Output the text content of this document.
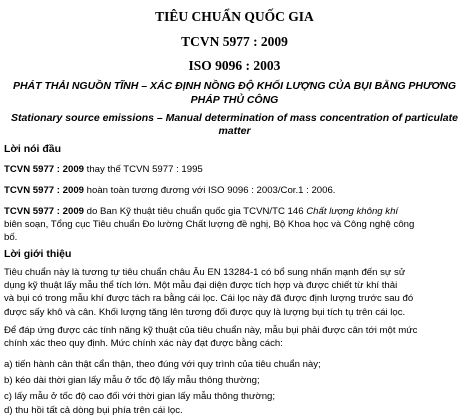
TIÊU CHUẨN QUỐC GIA
TCVN 5977 : 2009
ISO 9096 : 2003
PHÁT THẢI NGUỒN TĨNH – XÁC ĐỊNH NỒNG ĐỘ KHỐI LƯỢNG CỦA BỤI BẰNG PHƯƠNG
PHÁP THỦ CÔNG
Stationary source emissions – Manual determination of mass concentration of particulate
matter
Lời nói đầu
TCVN 5977 : 2009 thay thế TCVN 5977 : 1995
TCVN 5977 : 2009 hoàn toàn tương đương với ISO 9096 : 2003/Cor.1 : 2006.
TCVN 5977 : 2009 do Ban Kỹ thuật tiêu chuẩn quốc gia TCVN/TC 146 Chất lượng không khí
biên soạn, Tổng cục Tiêu chuẩn Đo lường Chất lượng đề nghị, Bộ Khoa học và Công nghệ công
bố.
Lời giới thiệu
Tiêu chuẩn này là tương tự tiêu chuẩn châu Âu EN 13284-1 có bổ sung nhấn mạnh đến sự sử
dụng kỹ thuật lấy mẫu thể tích lớn. Một mẫu đại diện được tích hợp và được chiết từ khí thải
và bụi có trong mẫu khí được tách ra bằng cái lọc. Cái lọc này đã được định lượng trước sau đó
được sấy khô và cân. Khối lượng tăng lên tương đối được quy là lượng bụi tích tụ trên cái lọc.
Để đáp ứng được các tính năng kỹ thuật của tiêu chuẩn này, mẫu bụi phải được cân tới một mức
chính xác theo quy định. Mức chính xác này đạt được bằng cách:
a) tiến hành cân thật cẩn thận, theo đúng với quy trình của tiêu chuẩn này;
b) kéo dài thời gian lấy mẫu ở tốc độ lấy mẫu thông thường;
c) lấy mẫu ở tốc độ cao đối với thời gian lấy mẫu thông thường;
d) thu hồi tất cả dòng bụi phía trên cái lọc.
